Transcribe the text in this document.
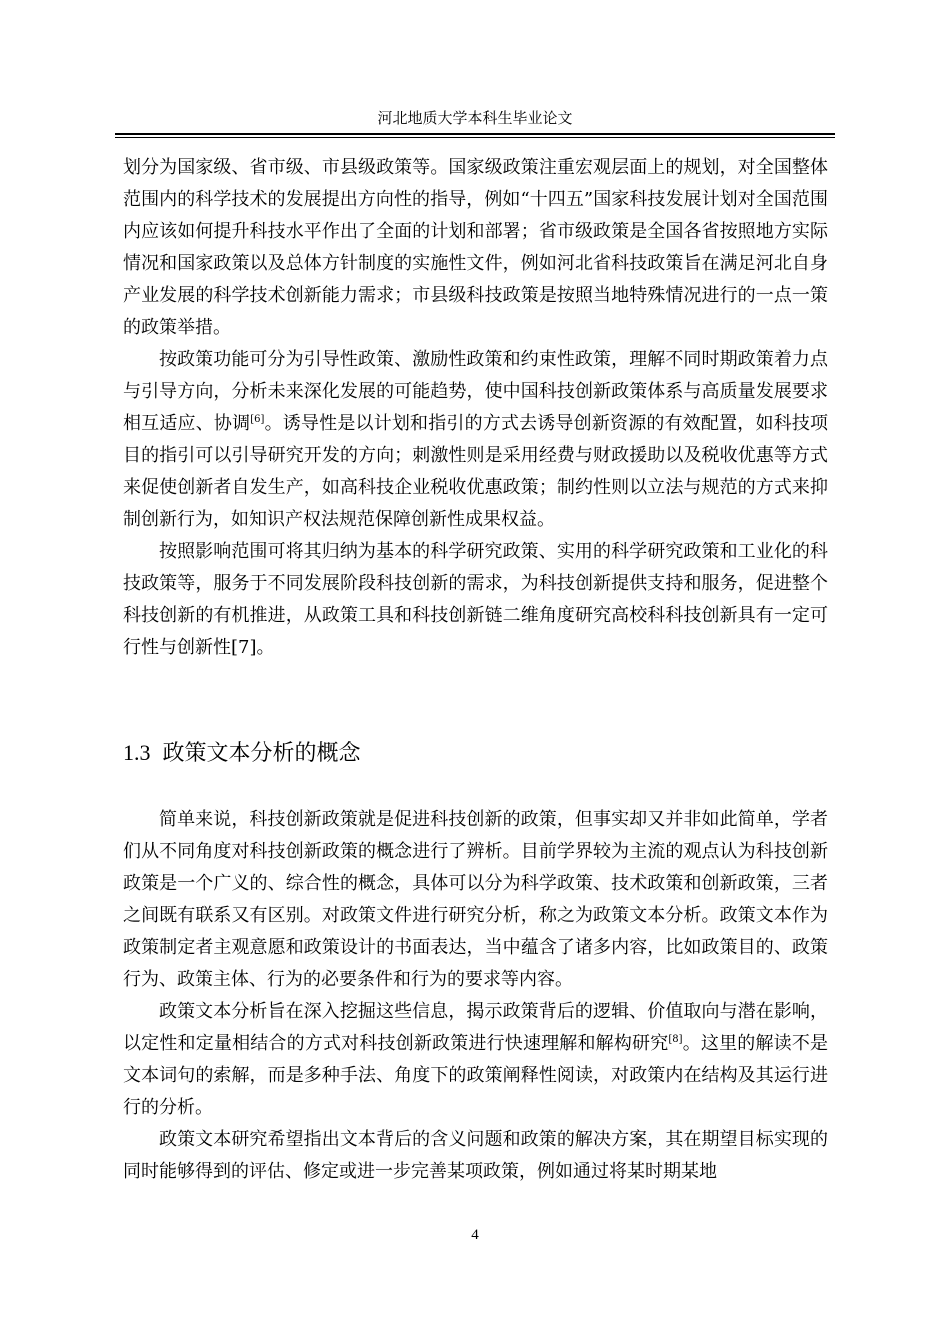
河北地质大学本科生毕业论文

划分为国家级、省市级、市县级政策等。国家级政策注重宏观层面上的规划，对全国整体范围内的科学技术的发展提出方向性的指导，例如“十四五”国家科技发展计划对全国范围内应该如何提升科技水平作出了全面的计划和部署；省市级政策是全国各省按照地方实际情况和国家政策以及总体方针制度的实施性文件，例如河北省科技政策旨在满足河北自身产业发展的科学技术创新能力需求；市县级科技政策是按照当地特殊情况进行的一点一策的政策举措。

按政策功能可分为引导性政策、激励性政策和约束性政策，理解不同时期政策着力点与引导方向，分析未来深化发展的可能趋势，使中国科技创新政策体系与高质量发展要求相互适应、协调[6]。诱导性是以计划和指引的方式去诱导创新资源的有效配置，如科技项目的指引可以引导研究开发的方向；刺激性则是采用经费与财政援助以及税收优惠等方式来促使创新者自发生产，如高科技企业税收优惠政策；制约性则以立法与规范的方式来抑制创新行为，如知识产权法规范保障创新性成果权益。

按照影响范围可将其归纳为基本的科学研究政策、实用的科学研究政策和工业化的科技政策等，服务于不同发展阶段科技创新的需求，为科技创新提供支持和服务，促进整个科技创新的有机推进，从政策工具和科技创新链二维角度研究高校科科技创新具有一定可行性与创新性[7]。

1.3 政策文本分析的概念

简单来说，科技创新政策就是促进科技创新的政策，但事实却又并非如此简单，学者们从不同角度对科技创新政策的概念进行了辨析。目前学界较为主流的观点认为科技创新政策是一个广义的、综合性的概念，具体可以分为科学政策、技术政策和创新政策，三者之间既有联系又有区别。对政策文件进行研究分析，称之为政策文本分析。政策文本作为政策制定者主观意愿和政策设计的书面表达，当中蕴含了诸多内容，比如政策目的、政策行为、政策主体、行为的必要条件和行为的要求等内容。

政策文本分析旨在深入挖掘这些信息，揭示政策背后的逻辑、价值取向与潜在影响，以定性和定量相结合的方式对科技创新政策进行快速理解和解构研究[8]。这里的解读不是文本词句的索解，而是多种手法、角度下的政策阐释性阅读，对政策内在结构及其运行进行的分析。

政策文本研究希望指出文本背后的含义问题和政策的解决方案，其在期望目标实现的同时能够得到的评估、修定或进一步完善某项政策，例如通过将某时期某地

4
